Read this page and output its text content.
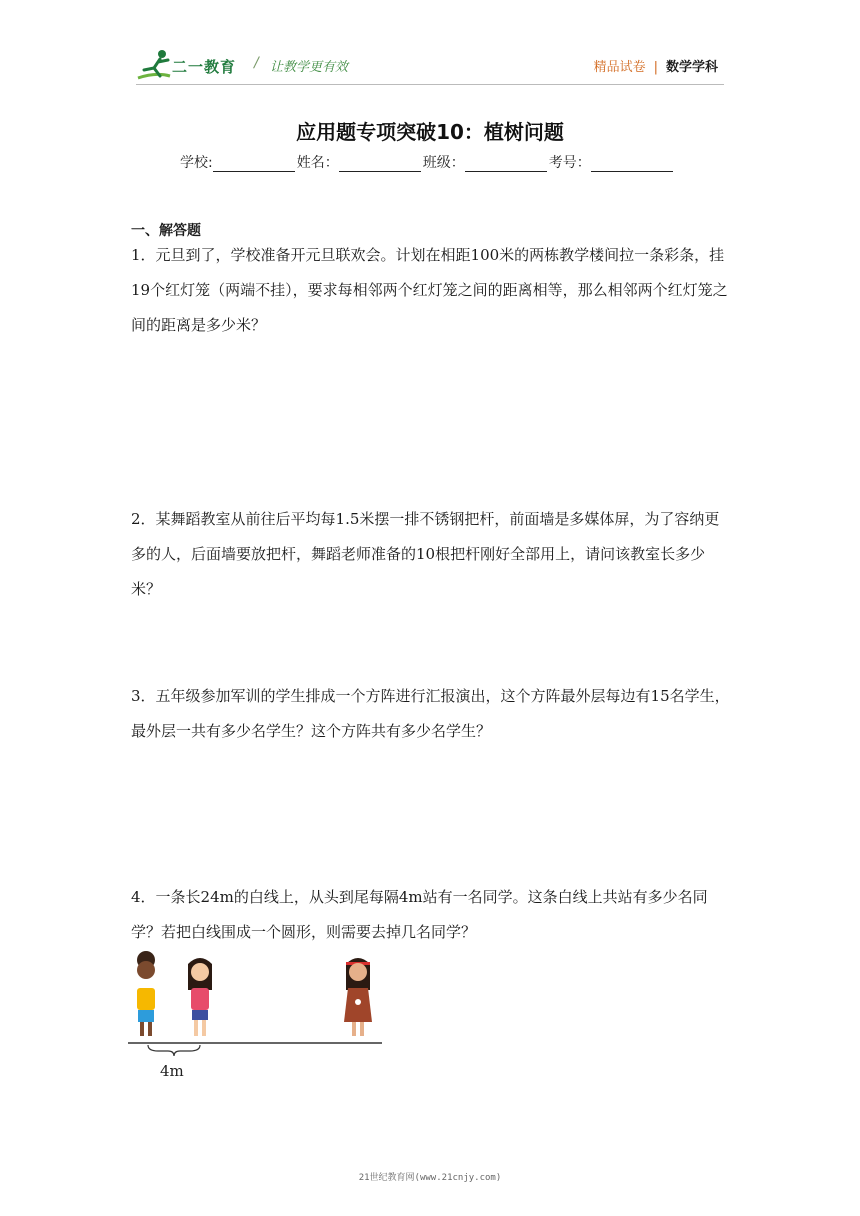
二一教育 / 让教学更有效	精品试卷 | 数学学科
应用题专项突破10：植树问题
学校:	姓名：	班级：	考号：
一、解答题
1．元旦到了，学校准备开元旦联欢会。计划在相距100米的两栋教学楼间拉一条彩条，挂19个红灯笼（两端不挂），要求每相邻两个红灯笼之间的距离相等，那么相邻两个红灯笼之间的距离是多少米？
2．某舞蹈教室从前往后平均每1.5米摆一排不锈钢把杆，前面墙是多媒体屏，为了容纳更多的人，后面墙要放把杆，舞蹈老师准备的10根把杆刚好全部用上，请问该教室长多少米？
3．五年级参加军训的学生排成一个方阵进行汇报演出，这个方阵最外层每边有15名学生，最外层一共有多少名学生？这个方阵共有多少名学生？
4．一条长24m的白线上，从头到尾每隔4m站有一名同学。这条白线上共站有多少名同学？若把白线围成一个圆形，则需要去掉几名同学？
4m
21世纪教育网(www.21cnjy.com)
